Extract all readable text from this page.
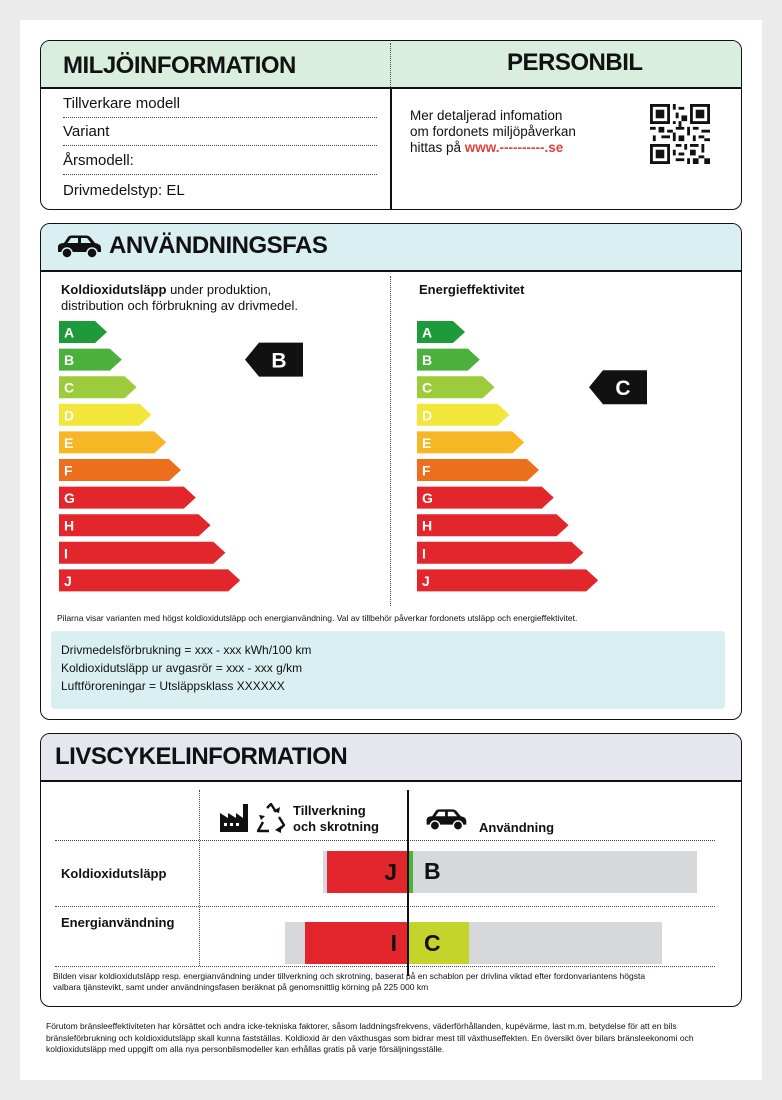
MILJÖINFORMATION	PERSONBIL
Tillverkare modell
Variant
Årsmodell:
Drivmedelstyp: EL
Mer detaljerad infomation
om fordonets miljöpåverkan
hittas på www.----------.se
ANVÄNDNINGSFAS
Koldioxidutsläpp under produktion,
distribution och förbrukning av drivmedel.
Energieffektivitet
A
B
C
D
E
F
G
H
I
J
B
A
B
C
D
E
F
G
H
I
J
C
Pilarna visar varianten med högst koldioxidutsläpp och energianvändning. Val av tillbehör påverkar fordonets utsläpp och energieffektivitet.
Drivmedelsförbrukning = xxx - xxx kWh/100 km
Koldioxidutsläpp ur avgasrör = xxx - xxx g/km
Luftföroreningar = Utsläppsklass XXXXXX
LIVSCYKELINFORMATION
Tillverkning
och skrotning	Användning
Koldioxidutsläpp
Energianvändning
J B
I C
Bilden visar koldioxidutsläpp resp. energianvändning under tillverkning och skrotning, baserat på en schablon per drivlina viktad efter fordonvariantens högsta valbara tjänstevikt, samt under användningsfasen beräknat på genomsnittlig körning på 225 000 km
Förutom bränsleeffektiviteten har körsättet och andra icke-tekniska faktorer, såsom laddningsfrekvens, väderförhållanden, kupévärme, last m.m. betydelse för att en bils bränsleförbrukning och koldioxidutsläpp skall kunna fastställas. Koldioxid är den växthusgas som bidrar mest till växthuseffekten. En översikt över bilars bränsleekonomi och koldioxidutsläpp med uppgift om alla nya personbilsmodeller kan erhållas gratis på varje försäljningsställe.
